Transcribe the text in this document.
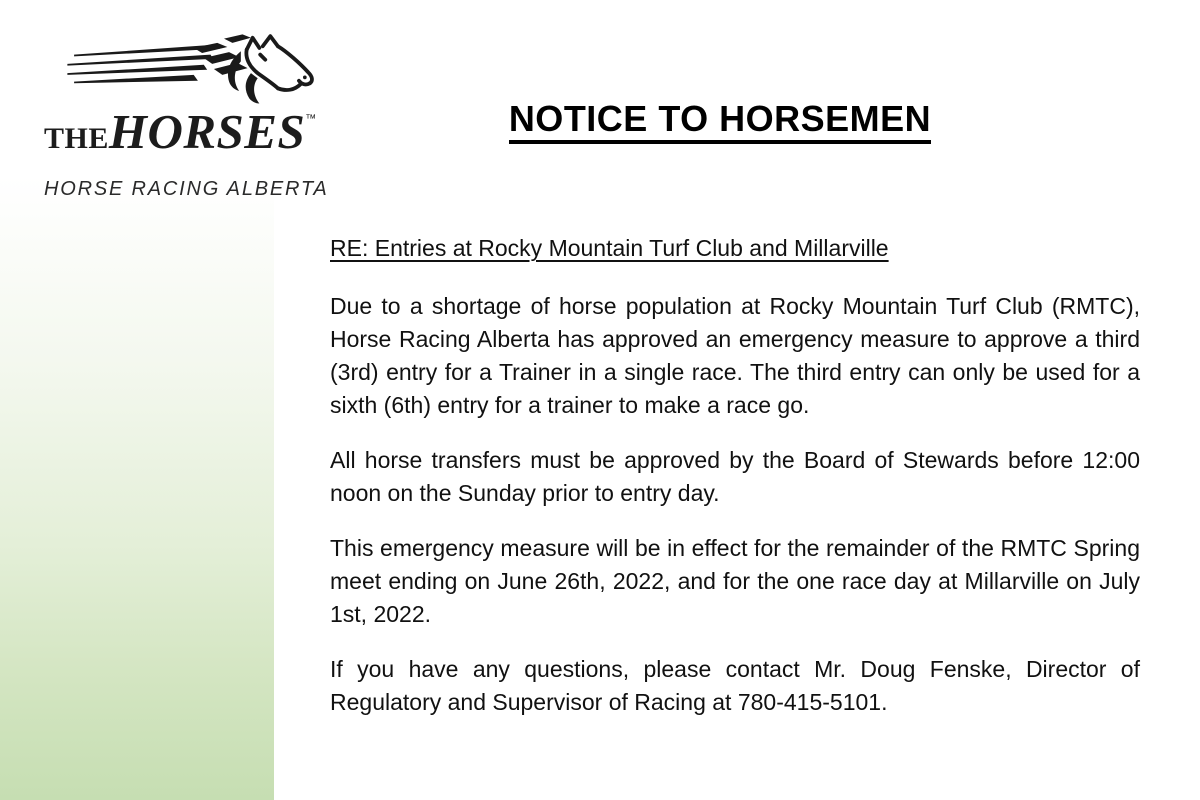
THEHORSES™
HORSE RACING ALBERTA
NOTICE TO HORSEMEN

RE: Entries at Rocky Mountain Turf Club and Millarville

Due to a shortage of horse population at Rocky Mountain Turf Club (RMTC), Horse Racing Alberta has approved an emergency measure to approve a third (3rd) entry for a Trainer in a single race. The third entry can only be used for a sixth (6th) entry for a trainer to make a race go.

All horse transfers must be approved by the Board of Stewards before 12:00 noon on the Sunday prior to entry day.

This emergency measure will be in effect for the remainder of the RMTC Spring meet ending on June 26th, 2022, and for the one race day at Millarville on July 1st, 2022.

If you have any questions, please contact Mr. Doug Fenske, Director of Regulatory and Supervisor of Racing at 780-415-5101.
